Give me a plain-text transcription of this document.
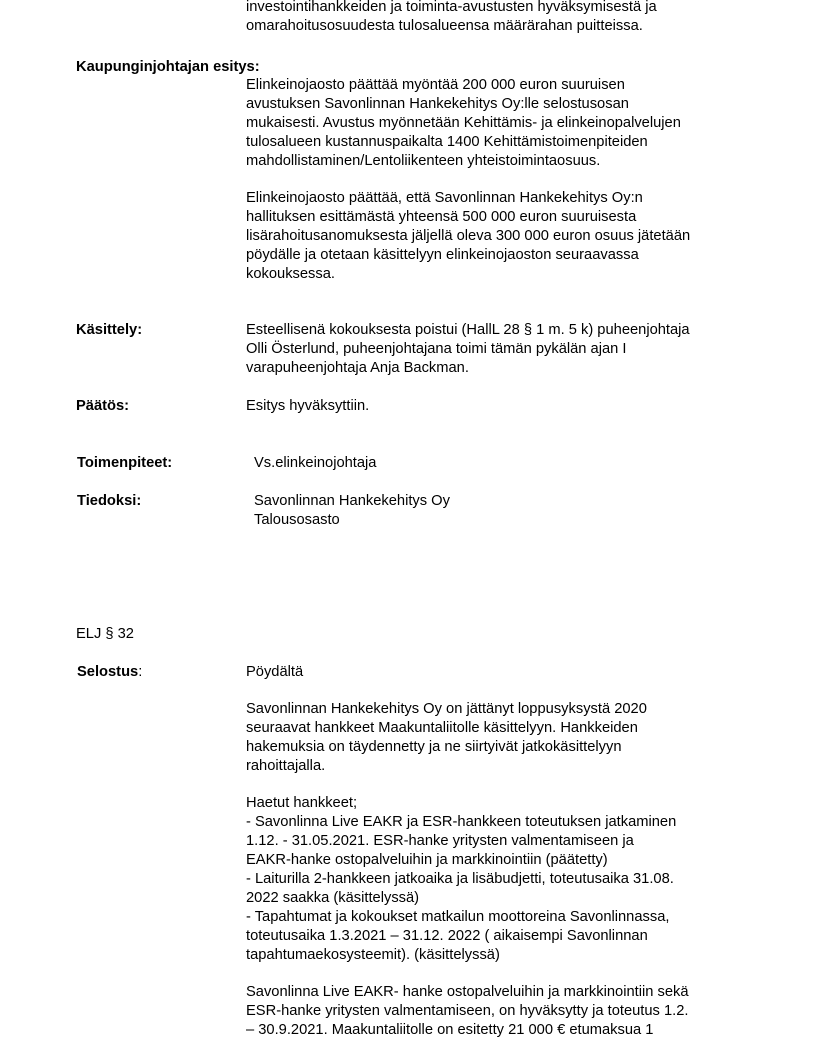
investointihankkeiden ja toiminta-avustusten hyväksymisestä ja
omarahoitusosuudesta tulosalueensa määrärahan puitteissa.
Kaupunginjohtajan esitys:
Elinkeinojaosto päättää myöntää 200 000 euron suuruisen
avustuksen Savonlinnan Hankekehitys Oy:lle selostusosan
mukaisesti. Avustus myönnetään Kehittämis- ja elinkeinopalvelujen
tulosalueen kustannuspaikalta 1400 Kehittämistoimenpiteiden
mahdollistaminen/Lentoliikenteen yhteistoimintaosuus.
Elinkeinojaosto päättää, että Savonlinnan Hankekehitys Oy:n
hallituksen esittämästä yhteensä 500 000 euron suuruisesta
lisärahoitusanomuksesta jäljellä oleva 300 000 euron osuus jätetään
pöydälle ja otetaan käsittelyyn elinkeinojaoston seuraavassa
kokouksessa.
Käsittely:	Esteellisenä kokouksesta poistui (HallL 28 § 1 m. 5 k) puheenjohtaja
Olli Österlund, puheenjohtajana toimi tämän pykälän ajan I
varapuheenjohtaja Anja Backman.
Päätös:	Esitys hyväksyttiin.
Toimenpiteet:	Vs.elinkeinojohtaja
Tiedoksi:	Savonlinnan Hankekehitys Oy
Talousosasto
ELJ § 32
Selostus:	Pöydältä
Savonlinnan Hankekehitys Oy on jättänyt loppusyksystä 2020
seuraavat hankkeet Maakuntaliitolle käsittelyyn. Hankkeiden
hakemuksia on täydennetty ja ne siirtyivät jatkokäsittelyyn
rahoittajalla.
Haetut hankkeet;
- Savonlinna Live EAKR ja ESR-hankkeen toteutuksen jatkaminen
1.12. - 31.05.2021. ESR-hanke yritysten valmentamiseen ja
EAKR-hanke ostopalveluihin ja markkinointiin (päätetty)
- Laiturilla 2-hankkeen jatkoaika ja lisäbudjetti, toteutusaika 31.08.
2022 saakka (käsittelyssä)
- Tapahtumat ja kokoukset matkailun moottoreina Savonlinnassa,
toteutusaika 1.3.2021 – 31.12. 2022 ( aikaisempi Savonlinnan
tapahtumaekosysteemit). (käsittelyssä)
Savonlinna Live EAKR- hanke ostopalveluihin ja markkinointiin sekä
ESR-hanke yritysten valmentamiseen, on hyväksytty ja toteutus 1.2.
– 30.9.2021. Maakuntaliitolle on esitetty 21 000 € etumaksua 1
